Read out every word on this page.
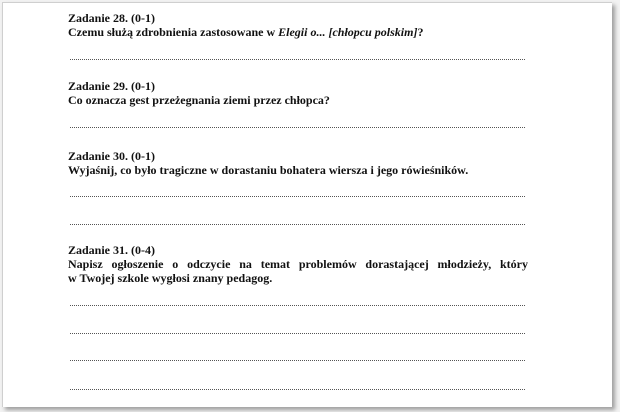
Zadanie 28. (0-1)
Czemu służą zdrobnienia zastosowane w Elegii o... [chłopcu polskim]?
Zadanie 29. (0-1)
Co oznacza gest przeżegnania ziemi przez chłopca?
Zadanie 30. (0-1)
Wyjaśnij, co było tragiczne w dorastaniu bohatera wiersza i jego rówieśników.
Zadanie 31. (0-4)
Napisz ogłoszenie o odczycie na temat problemów dorastającej młodzieży, który
w Twojej szkole wygłosi znany pedagog.
